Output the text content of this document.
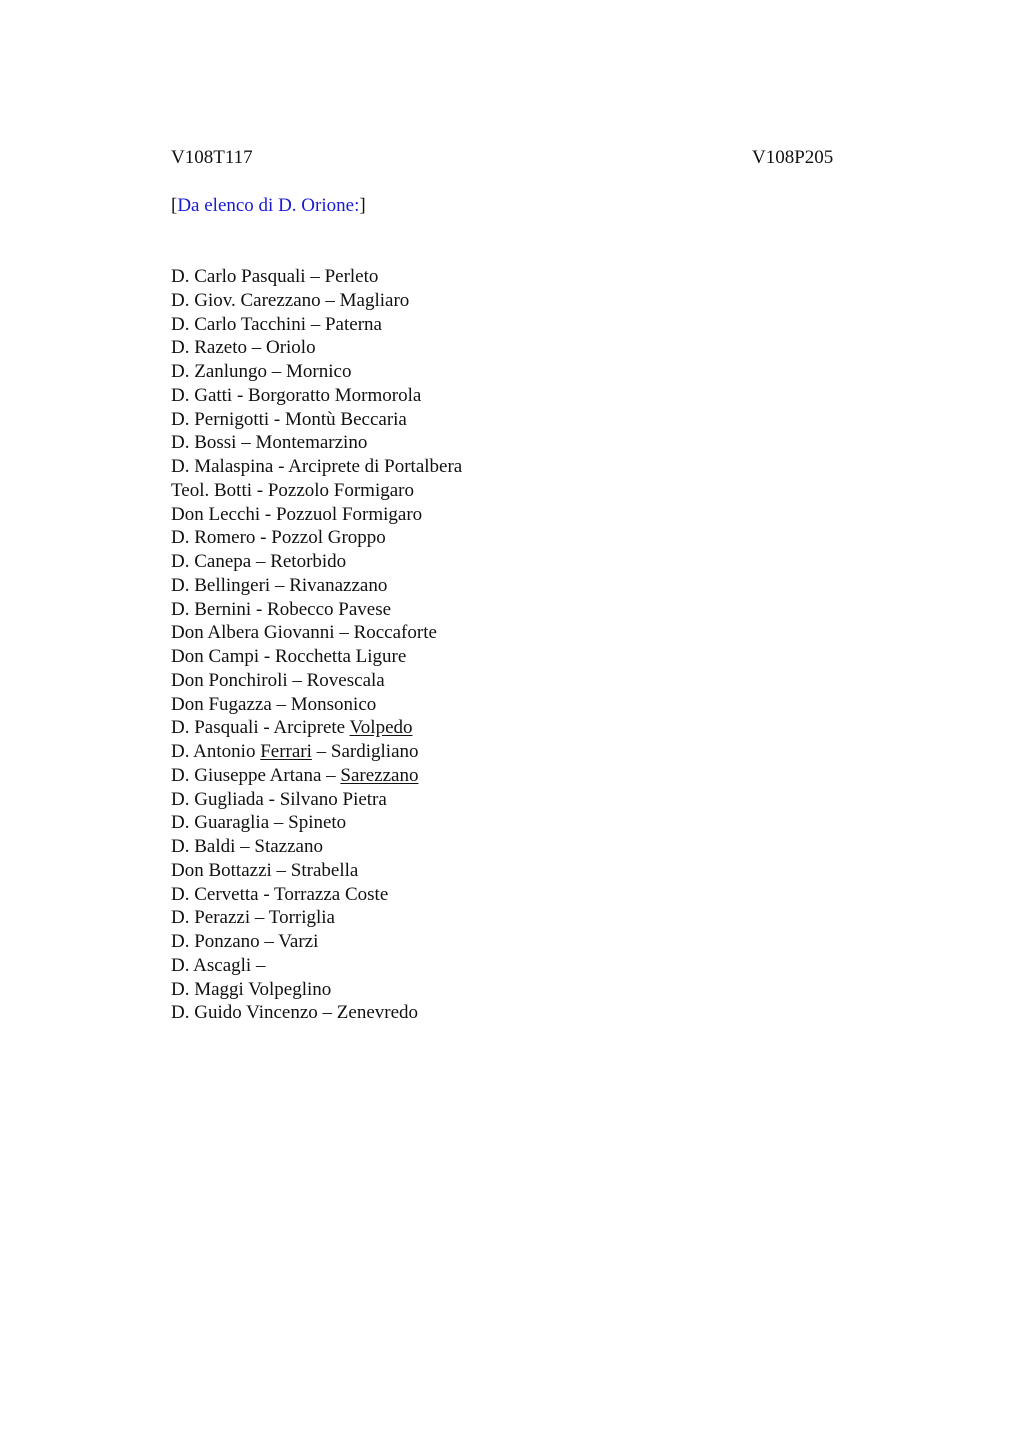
V108T117	V108P205
[Da elenco di D. Orione:]
D. Carlo Pasquali – Perleto
D. Giov. Carezzano – Magliaro
D. Carlo Tacchini – Paterna
D. Razeto – Oriolo
D. Zanlungo – Mornico
D. Gatti - Borgoratto Mormorola
D. Pernigotti - Montù Beccaria
D. Bossi – Montemarzino
D. Malaspina - Arciprete di Portalbera
Teol. Botti - Pozzolo Formigaro
Don Lecchi - Pozzuol Formigaro
D. Romero - Pozzol Groppo
D. Canepa – Retorbido
D. Bellingeri – Rivanazzano
D. Bernini - Robecco Pavese
Don Albera Giovanni – Roccaforte
Don Campi - Rocchetta Ligure
Don Ponchiroli – Rovescala
Don Fugazza – Monsonico
D. Pasquali - Arciprete Volpedo
D. Antonio Ferrari – Sardigliano
D. Giuseppe Artana – Sarezzano
D. Gugliada - Silvano Pietra
D. Guaraglia – Spineto
D. Baldi – Stazzano
Don Bottazzi – Strabella
D. Cervetta - Torrazza Coste
D. Perazzi – Torriglia
D. Ponzano – Varzi
D. Ascagli –
D. Maggi Volpeglino
D. Guido Vincenzo – Zenevredo
